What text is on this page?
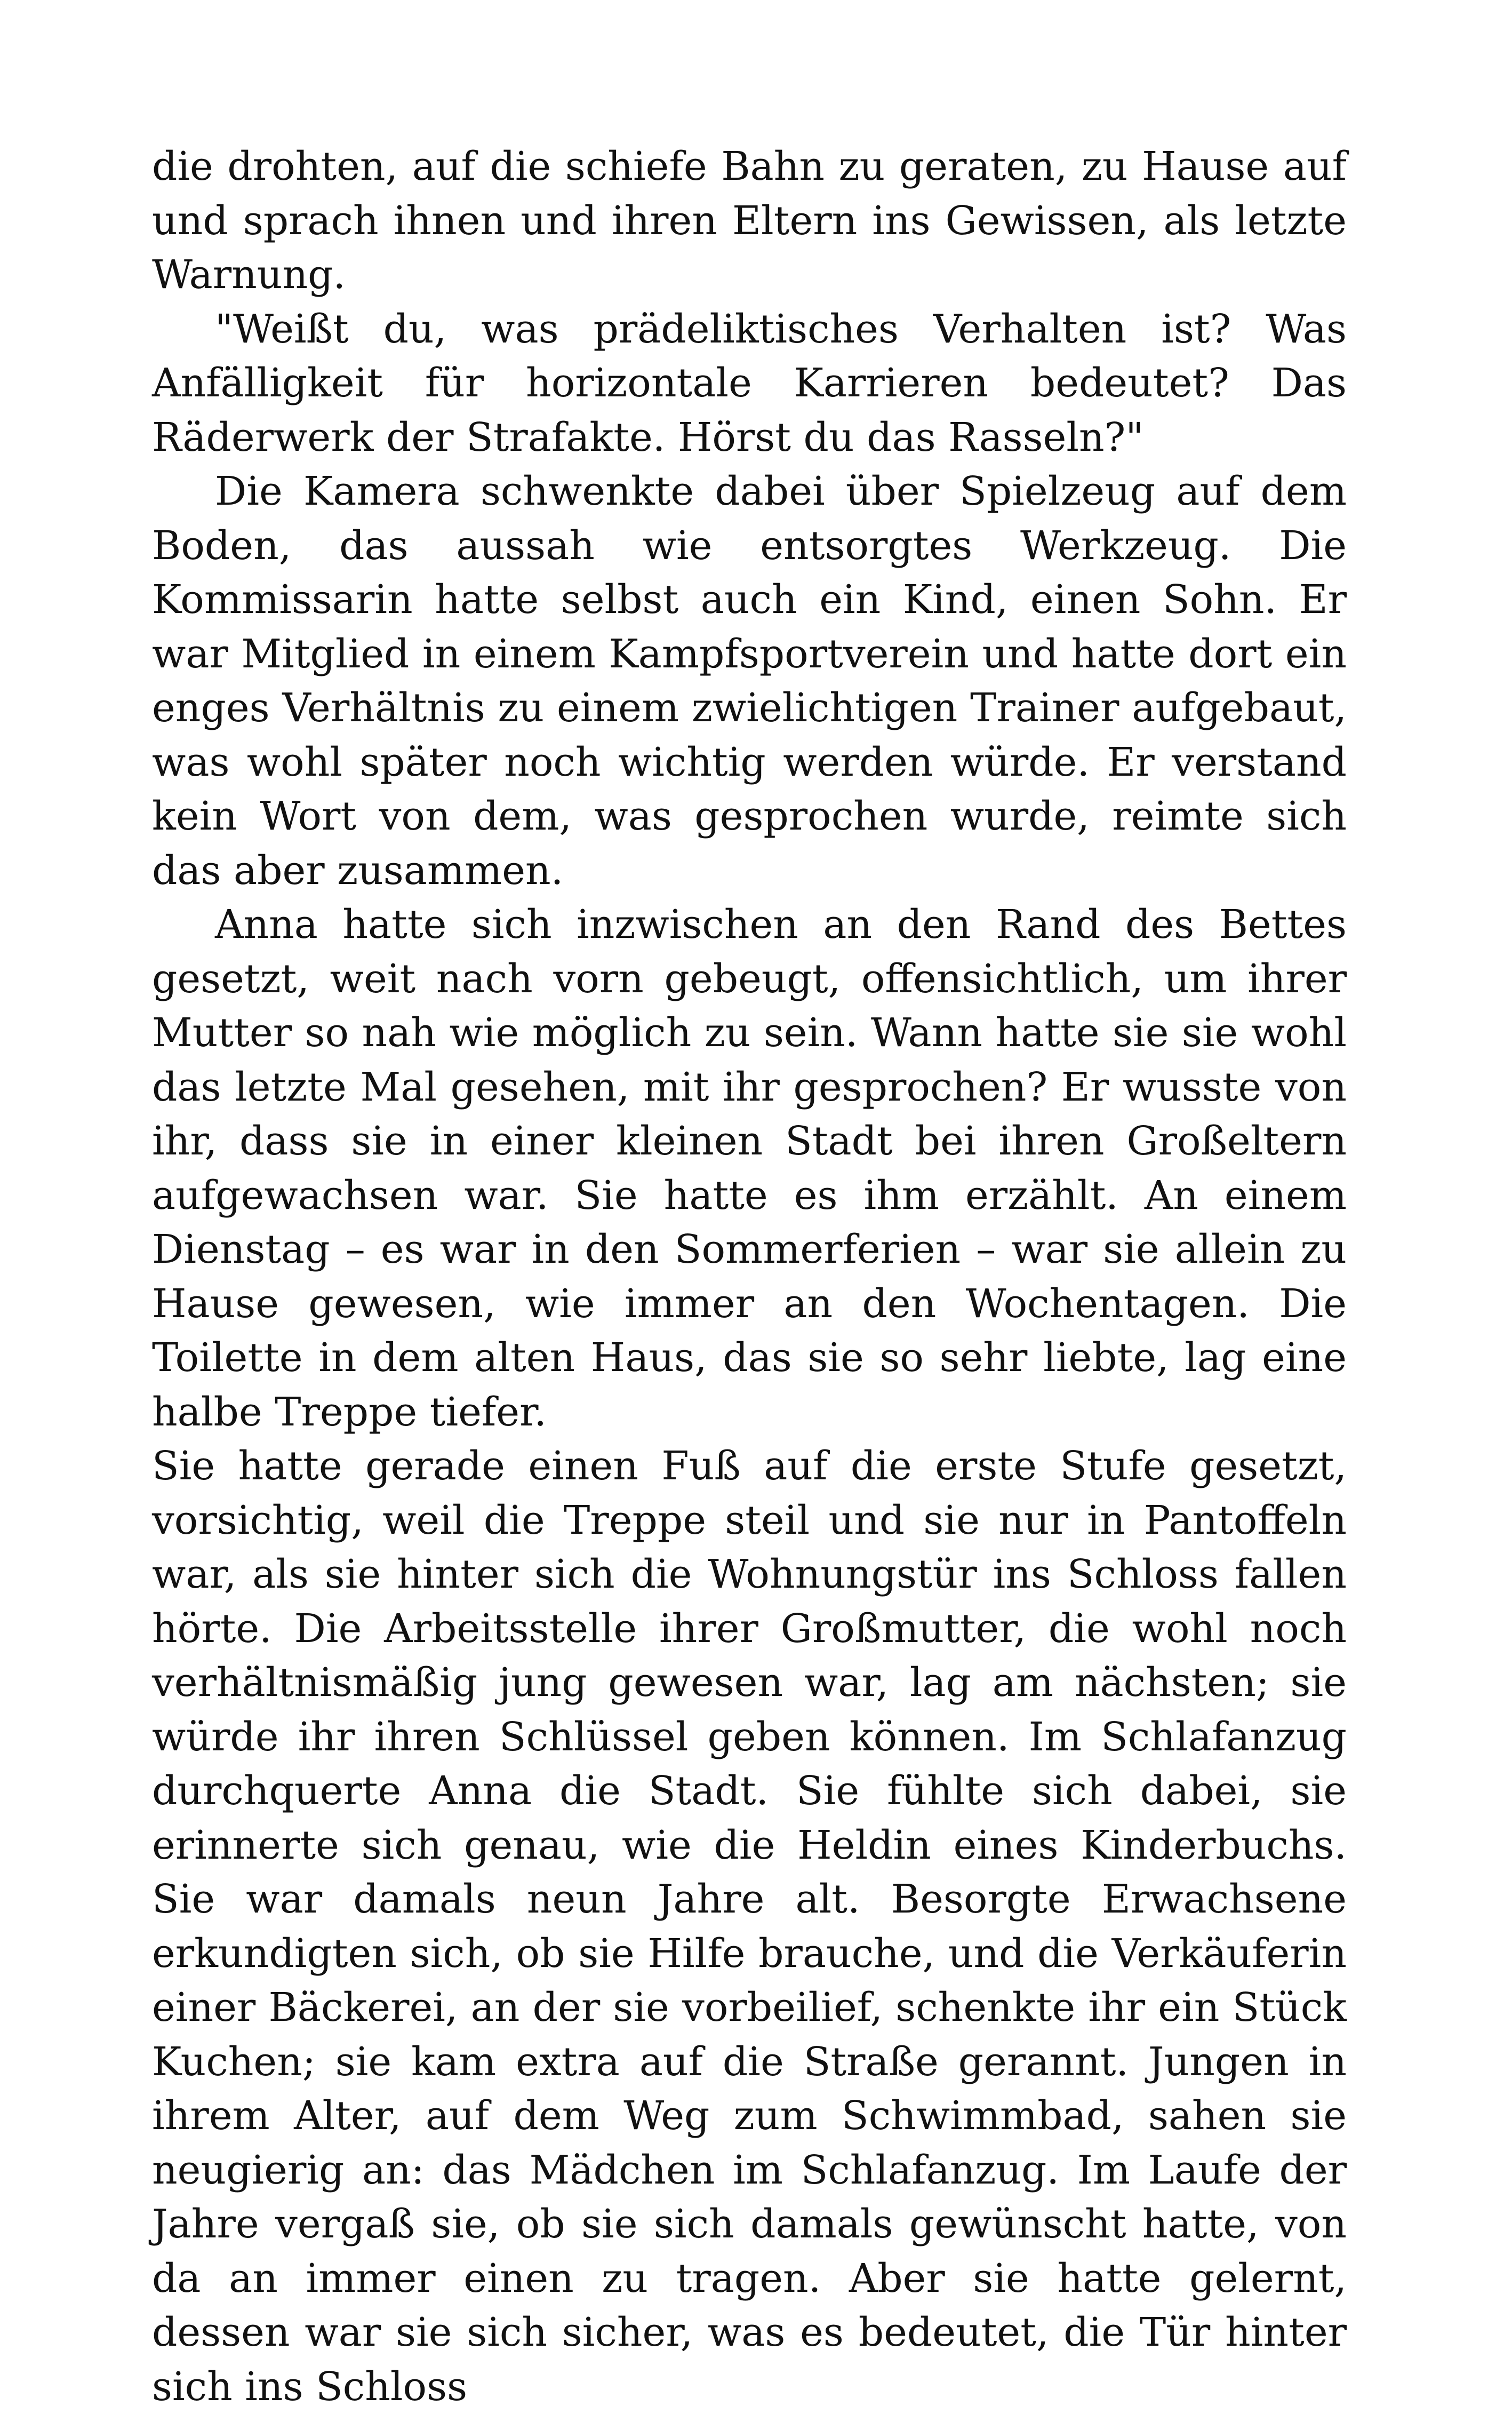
die drohten, auf die schiefe Bahn zu geraten, zu Hause auf und sprach ihnen und ihren Eltern ins Gewissen, als letzte Warnung.

"Weißt du, was prädeliktisches Verhalten ist? Was Anfälligkeit für horizontale Karrieren bedeutet? Das Räderwerk der Strafakte. Hörst du das Rasseln?"

Die Kamera schwenkte dabei über Spielzeug auf dem Boden, das aussah wie entsorgtes Werkzeug. Die Kommissarin hatte selbst auch ein Kind, einen Sohn. Er war Mitglied in einem Kampfsportverein und hatte dort ein enges Verhältnis zu einem zwielichtigen Trainer aufgebaut, was wohl später noch wichtig werden würde. Er verstand kein Wort von dem, was gesprochen wurde, reimte sich das aber zusammen.

Anna hatte sich inzwischen an den Rand des Bettes gesetzt, weit nach vorn gebeugt, offensichtlich, um ihrer Mutter so nah wie möglich zu sein. Wann hatte sie sie wohl das letzte Mal gesehen, mit ihr gesprochen? Er wusste von ihr, dass sie in einer kleinen Stadt bei ihren Großeltern aufgewachsen war. Sie hatte es ihm erzählt. An einem Dienstag – es war in den Sommerferien – war sie allein zu Hause gewesen, wie immer an den Wochentagen. Die Toilette in dem alten Haus, das sie so sehr liebte, lag eine halbe Treppe tiefer.

Sie hatte gerade einen Fuß auf die erste Stufe gesetzt, vorsichtig, weil die Treppe steil und sie nur in Pantoffeln war, als sie hinter sich die Wohnungstür ins Schloss fallen hörte. Die Arbeitsstelle ihrer Großmutter, die wohl noch verhältnismäßig jung gewesen war, lag am nächsten; sie würde ihr ihren Schlüssel geben können. Im Schlafanzug durchquerte Anna die Stadt. Sie fühlte sich dabei, sie erinnerte sich genau, wie die Heldin eines Kinderbuchs. Sie war damals neun Jahre alt. Besorgte Erwachsene erkundigten sich, ob sie Hilfe brauche, und die Verkäuferin einer Bäckerei, an der sie vorbeilief, schenkte ihr ein Stück Kuchen; sie kam extra auf die Straße gerannt. Jungen in ihrem Alter, auf dem Weg zum Schwimmbad, sahen sie neugierig an: das Mädchen im Schlafanzug. Im Laufe der Jahre vergaß sie, ob sie sich damals gewünscht hatte, von da an immer einen zu tragen. Aber sie hatte gelernt, dessen war sie sich sicher, was es bedeutet, die Tür hinter sich ins Schloss
